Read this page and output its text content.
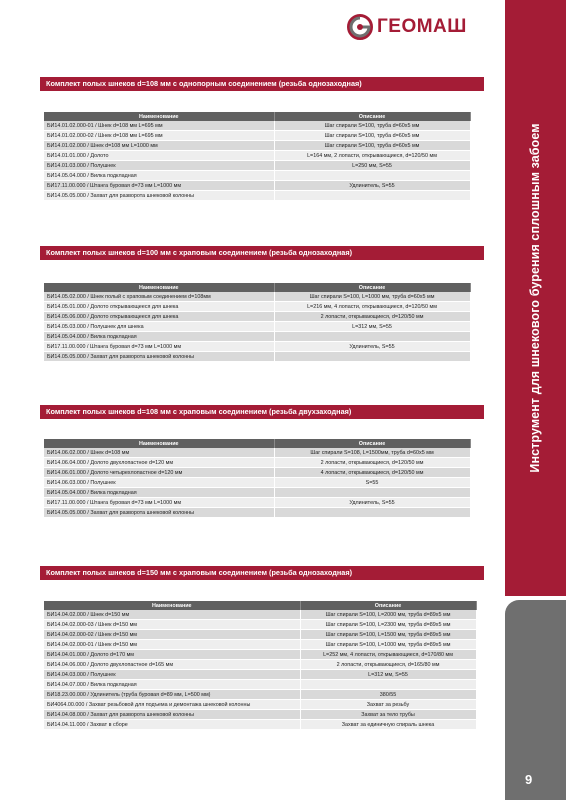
ГЕОМАШ
Инструмент для шнекового бурения сплошным забоем
9
Комплект полых шнеков d=108 мм с однопорным соединением (резьба однозаходная)
Наименование	Описание
БИ14.01.02.000-01 / Шнек d=108 мм L=695 мм	Шаг спирали S=100, труба d=60х5 мм
БИ14.01.02.000-02 / Шнек d=108 мм L=695 мм	Шаг спирали S=100, труба d=60х5 мм
БИ14.01.02.000 / Шнек d=108 мм L=1000 мм	Шаг спирали S=100, труба d=60х5 мм
БИ14.01.01.000 / Долото	L=164 мм, 2 лопасти, открывающиеся, d=120/50 мм
БИ14.01.03.000 / Полушнек	L=250 мм, S=55
БИ14.05.04.000 / Вилка подкладная	
БИ17.11.00.000 / Штанга буровая d=73 мм L=1000 мм	Удлинитель, S=55
БИ14.05.05.000 / Захват для разворота шнековой колонны	
Комплект полых шнеков d=100 мм с храповым соединением (резьба однозаходная)
Наименование	Описание
БИ14.05.02.000 / Шнек полый с храповым соединением d=108мм	Шаг спирали S=100, L=1000 мм, труба d=60х5 мм
БИ14.05.01.000 / Долото открывающееся для шнека	L=216 мм, 4 лопасти, открывающиеся, d=120/50 мм
БИ14.05.06.000 / Долото открывающееся для шнека	2 лопасти, открывающиеся, d=120/50 мм
БИ14.05.03.000 / Полушнек для шнека	L=312 мм, S=55
БИ14.05.04.000 / Вилка подкладная	
БИ17.11.00.000 / Штанга буровая d=73 мм L=1000 мм	Удлинитель, S=55
БИ14.05.05.000 / Захват для разворота шнековой колонны	
Комплект полых шнеков d=108 мм с храповым соединением (резьба двухзаходная)
Наименование	Описание
БИ14.06.02.000 / Шнек d=108 мм	Шаг спирали S=108, L=1500мм, труба d=60х5 мм
БИ14.06.04.000 / Долото двухлопастное d=120 мм	2 лопасти, открывающиеся, d=120/50 мм
БИ14.06.01.000 / Долото четырехлопастное d=120 мм	4 лопасти, открывающиеся, d=120/50 мм
БИ14.06.03.000 / Полушнек	S=55
БИ14.05.04.000 / Вилка подкладная	
БИ17.11.00.000 / Штанга буровая d=73 мм L=1000 мм	Удлинитель, S=55
БИ14.05.05.000 / Захват для разворота шнековой колонны	
Комплект полых шнеков d=150 мм с храповым соединением (резьба однозаходная)
Наименование	Описание
БИ14.04.02.000 / Шнек d=150 мм	Шаг спирали S=100, L=2000 мм, труба d=89х5 мм
БИ14.04.02.000-03 / Шнек d=150 мм	Шаг спирали S=100, L=2300 мм, труба d=89х5 мм
БИ14.04.02.000-02 / Шнек d=150 мм	Шаг спирали S=100, L=1500 мм, труба d=89х5 мм
БИ14.04.02.000-01 / Шнек d=150 мм	Шаг спирали S=100, L=1000 мм, труба d=89х5 мм
БИ14.04.01.000 / Долото d=170 мм	L=252 мм, 4 лопасти, открывающиеся, d=170/80 мм
БИ14.04.06.000 / Долото двухлопастное d=165 мм	2 лопасти, открывающиеся, d=165/80 мм
БИ14.04.03.000 / Полушнек	L=312 мм, S=55
БИ14.04.07.000 / Вилка подкладная	
БИ18.23.00.000 / Удлинитель (труба буровая d=89 мм, L=500 мм)	380/55
БИ4064.00.000 / Захват резьбовой для подъема и демонтажа шнековой колонны	Захват за резьбу
БИ14.04.08.000 / Захват для разворота шнековой колонны	Захват за тело трубы
БИ14.04.11.000 / Захват в сборе	Захват за единичную спираль шнека
